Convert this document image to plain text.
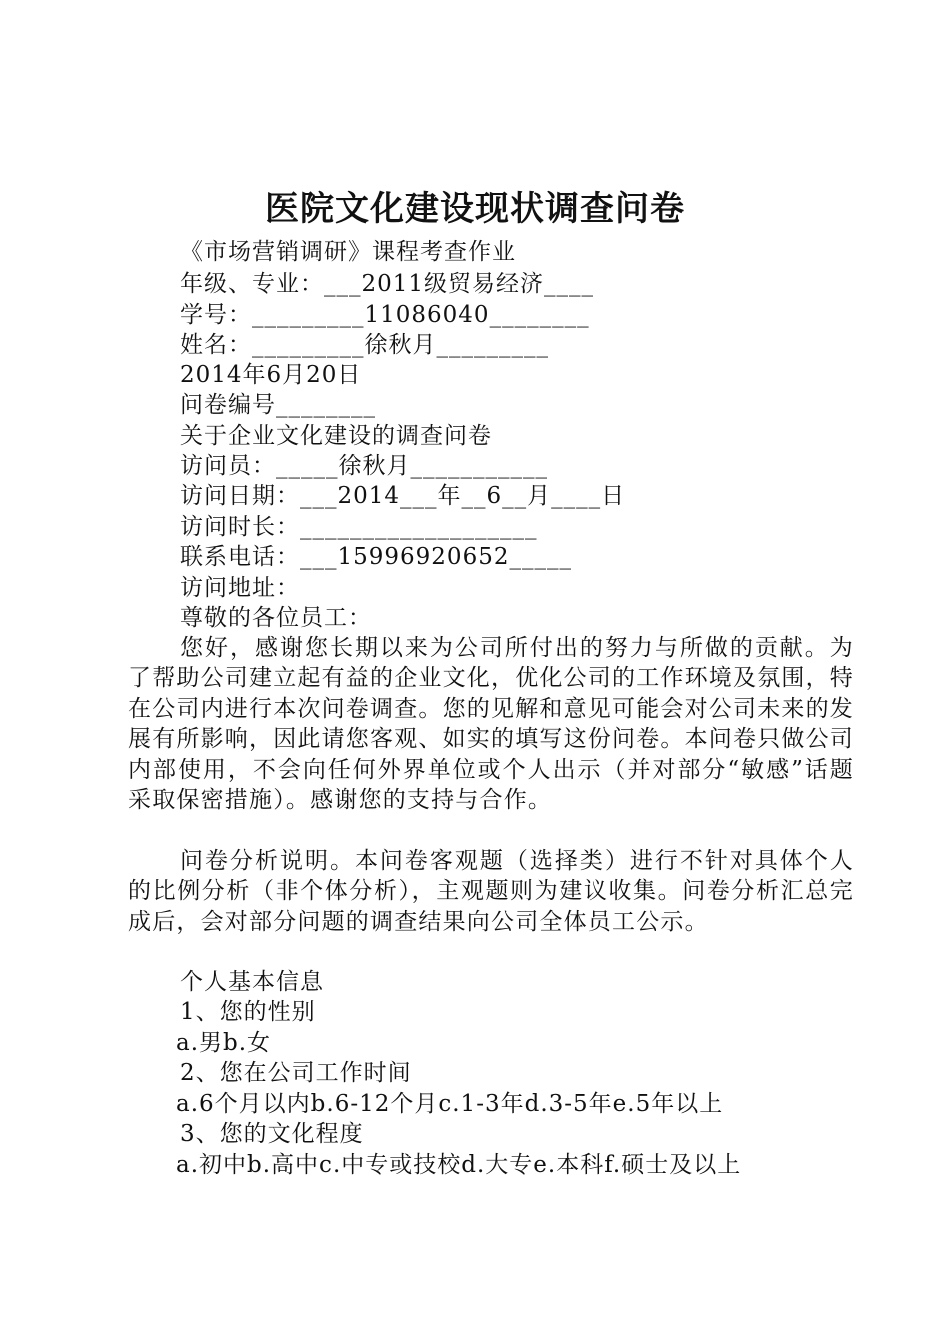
医院文化建设现状调查问卷
《市场营销调研》课程考查作业
年级、专业：___2011级贸易经济____
学号：_________11086040________
姓名：_________徐秋月_________
2014年6月20日
问卷编号________
关于企业文化建设的调查问卷
访问员：_____徐秋月___________
访问日期：___2014___年__6__月____日
访问时长：___________________
联系电话：___15996920652_____
访问地址：
尊敬的各位员工：
您好，感谢您长期以来为公司所付出的努力与所做的贡献。为了帮助公司建立起有益的企业文化，优化公司的工作环境及氛围，特在公司内进行本次问卷调查。您的见解和意见可能会对公司未来的发展有所影响，因此请您客观、如实的填写这份问卷。本问卷只做公司内部使用，不会向任何外界单位或个人出示（并对部分“敏感”话题采取保密措施）。感谢您的支持与合作。
问卷分析说明。本问卷客观题（选择类）进行不针对具体个人的比例分析（非个体分析），主观题则为建议收集。问卷分析汇总完成后，会对部分问题的调查结果向公司全体员工公示。
个人基本信息
1、您的性别
a.男b.女
2、您在公司工作时间
a.6个月以内b.6-12个月c.1-3年d.3-5年e.5年以上
3、您的文化程度
a.初中b.高中c.中专或技校d.大专e.本科f.硕士及以上
